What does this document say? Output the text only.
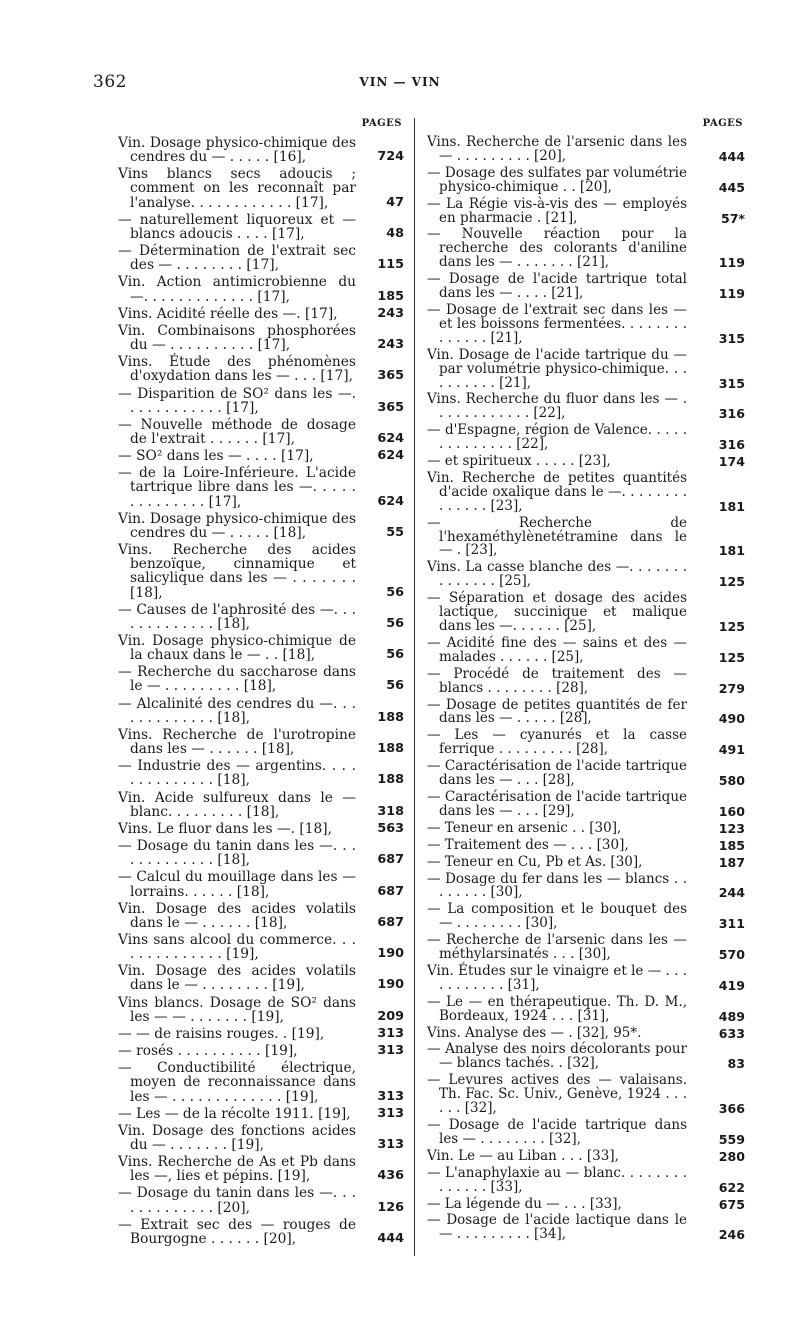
362	VIN — VIN
PAGES
Vin. Dosage physico-chimique des cendres du — . . . . . [16],	724
Vins blancs secs adoucis ; comment on les reconnaît par l'analyse. . . . . . . . . . . . [17],	47
— naturellement liquoreux et — blancs adoucis . . . . [17],	48
— Détermination de l'extrait sec des — . . . . . . . . [17],	115
Vin. Action antimicrobienne du —. . . . . . . . . . . . . [17],	185
Vins. Acidité réelle des —. [17],	243
Vin. Combinaisons phosphorées du — . . . . . . . . . . [17],	243
Vins. Étude des phénomènes d'oxydation dans les — . . . [17],	365
— Disparition de SO² dans les —. . . . . . . . . . . . [17],	365
— Nouvelle méthode de dosage de l'extrait . . . . . . [17],	624
— SO² dans les — . . . . [17],	624
— de la Loire-Inférieure. L'acide tartrique libre dans les —. . . . . . . . . . . . . . [17],	624
Vin. Dosage physico-chimique des cendres du — . . . . . [18],	55
Vins. Recherche des acides benzoïque, cinnamique et salicylique dans les — . . . . . . . [18],	56
— Causes de l'aphrosité des —. . . . . . . . . . . . . [18],	56
Vin. Dosage physico-chimique de la chaux dans le — . . [18],	56
— Recherche du saccharose dans le — . . . . . . . . . [18],	56
— Alcalinité des cendres du —. . . . . . . . . . . . . [18],	188
Vins. Recherche de l'urotropine dans les — . . . . . . [18],	188
— Industrie des — argentins. . . . . . . . . . . . . . [18],	188
Vin. Acide sulfureux dans le — blanc. . . . . . . . . [18],	318
Vins. Le fluor dans les —. [18],	563
— Dosage du tanin dans les —. . . . . . . . . . . . . [18],	687
— Calcul du mouillage dans les — lorrains. . . . . . [18],	687
Vin. Dosage des acides volatils dans le — . . . . . . [18],	687
Vins sans alcool du commerce. . . . . . . . . . . . . . [19],	190
Vin. Dosage des acides volatils dans le — . . . . . . . . [19],	190
Vins blancs. Dosage de SO² dans les — — . . . . . . . [19],	209
— — de raisins rouges. . [19],	313
— rosés . . . . . . . . . . [19],	313
— Conductibilité électrique, moyen de reconnaissance dans les — . . . . . . . . . . . . . [19],	313
— Les — de la récolte 1911. [19],	313
Vin. Dosage des fonctions acides du — . . . . . . . [19],	313
Vins. Recherche de As et Pb dans les —, lies et pépins. [19],	436
— Dosage du tanin dans les —. . . . . . . . . . . . . [20],	126
— Extrait sec des — rouges de Bourgogne . . . . . . [20],	444
PAGES
Vins. Recherche de l'arsenic dans les — . . . . . . . . . [20],	444
— Dosage des sulfates par volumétrie physico-chimique . . [20],	445
— La Régie vis-à-vis des — employés en pharmacie . [21],	57*
— Nouvelle réaction pour la recherche des colorants d'aniline dans les — . . . . . . . [21],	119
— Dosage de l'acide tartrique total dans les — . . . . [21],	119
— Dosage de l'extrait sec dans les — et les boissons fermentées. . . . . . . . . . . . . . [21],	315
Vin. Dosage de l'acide tartrique du — par volumétrie physico-chimique. . . . . . . . . . [21],	315
Vins. Recherche du fluor dans les — . . . . . . . . . . . . [22],	316
— d'Espagne, région de Valence. . . . . . . . . . . . . . [22],	316
— et spiritueux . . . . . [23],	174
Vin. Recherche de petites quantités d'acide oxalique dans le —. . . . . . . . . . . . . . [23],	181
— Recherche de l'hexaméthylènetétramine dans le — . [23],	181
Vins. La casse blanche des —. . . . . . . . . . . . . . [25],	125
— Séparation et dosage des acides lactique, succinique et malique dans les —. . . . . . [25],	125
— Acidité fine des — sains et des — malades . . . . . . [25],	125
— Procédé de traitement des — blancs . . . . . . . . [28],	279
— Dosage de petites quantités de fer dans les — . . . . . [28],	490
— Les — cyanurés et la casse ferrique . . . . . . . . . [28],	491
— Caractérisation de l'acide tartrique dans les — . . . [28],	580
— Caractérisation de l'acide tartrique dans les — . . . [29],	160
— Teneur en arsenic . . [30],	123
— Traitement des — . . . [30],	185
— Teneur en Cu, Pb et As. [30],	187
— Dosage du fer dans les — blancs . . . . . . . . [30],	244
— La composition et le bouquet des — . . . . . . . . [30],	311
— Recherche de l'arsenic dans les — méthylarsinatés . . . [30],	570
Vin. Études sur le vinaigre et le — . . . . . . . . . . . [31],	419
— Le — en thérapeutique. Th. D. M., Bordeaux, 1924 . . . [31],	489
Vins. Analyse des — . [32], 95*.	633
— Analyse des noirs décolorants pour — blancs tachés. . [32],	83
— Levures actives des — valaisans. Th. Fac. Sc. Univ., Genève, 1924 . . . . . . [32],	366
— Dosage de l'acide tartrique dans les — . . . . . . . . [32],	559
Vin. Le — au Liban . . . [33],	280
— L'anaphylaxie au — blanc. . . . . . . . . . . . . . [33],	622
— La légende du — . . . [33],	675
— Dosage de l'acide lactique dans le — . . . . . . . . . [34],	246
